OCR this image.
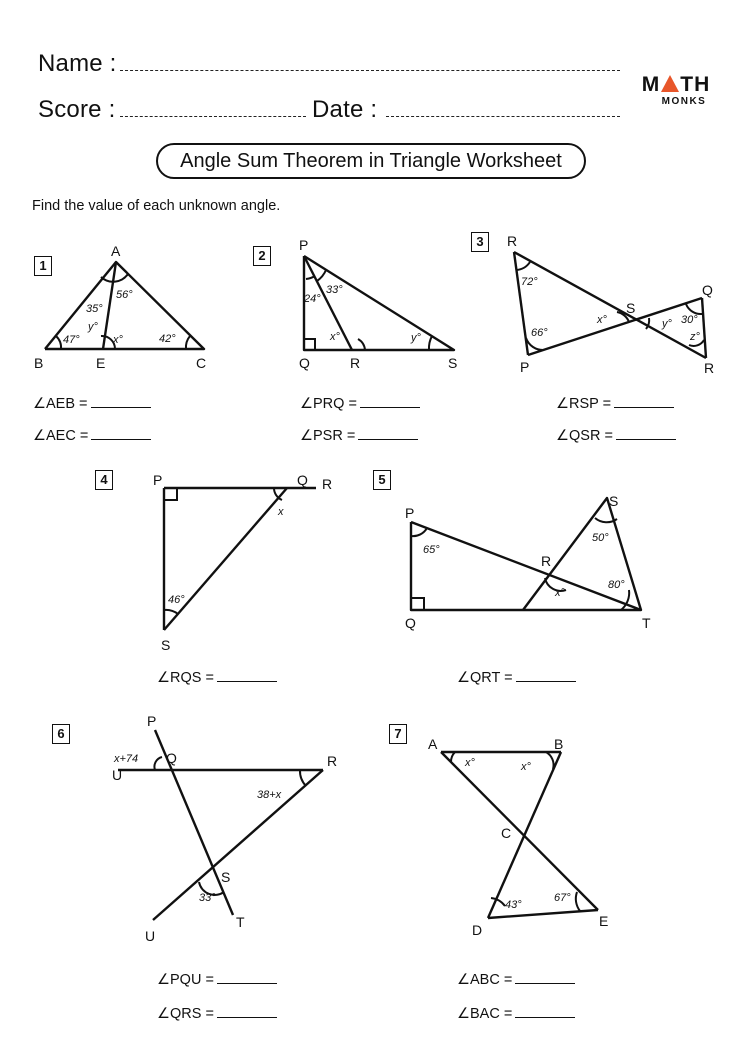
Name :
Score :	Date :
M TH
MONKS
Angle Sum Theorem in Triangle Worksheet
Find the value of each unknown angle.
1
2
3
4	5
6	7
A
B	E	C
P
Q	R	S
R
P
S
Q
R
P	Q R
S
P
Q
R
S
T
P
Q
U
R
S
T
U
A	B
C
D
E
56°
35°
y°
47°	x°	42°
24°
33°
x°	y°
72°
66°
x°	y° 30°
z°
x
46°
65°
50°
80°
x°
x+74
38+x
33°
x°	x°
43°
67°
∠AEB =
∠AEC =
∠PRQ =
∠PSR =
∠RSP =
∠QSR =
∠RQS =	∠QRT =
∠PQU =
∠QRS =
∠ABC =
∠BAC =
